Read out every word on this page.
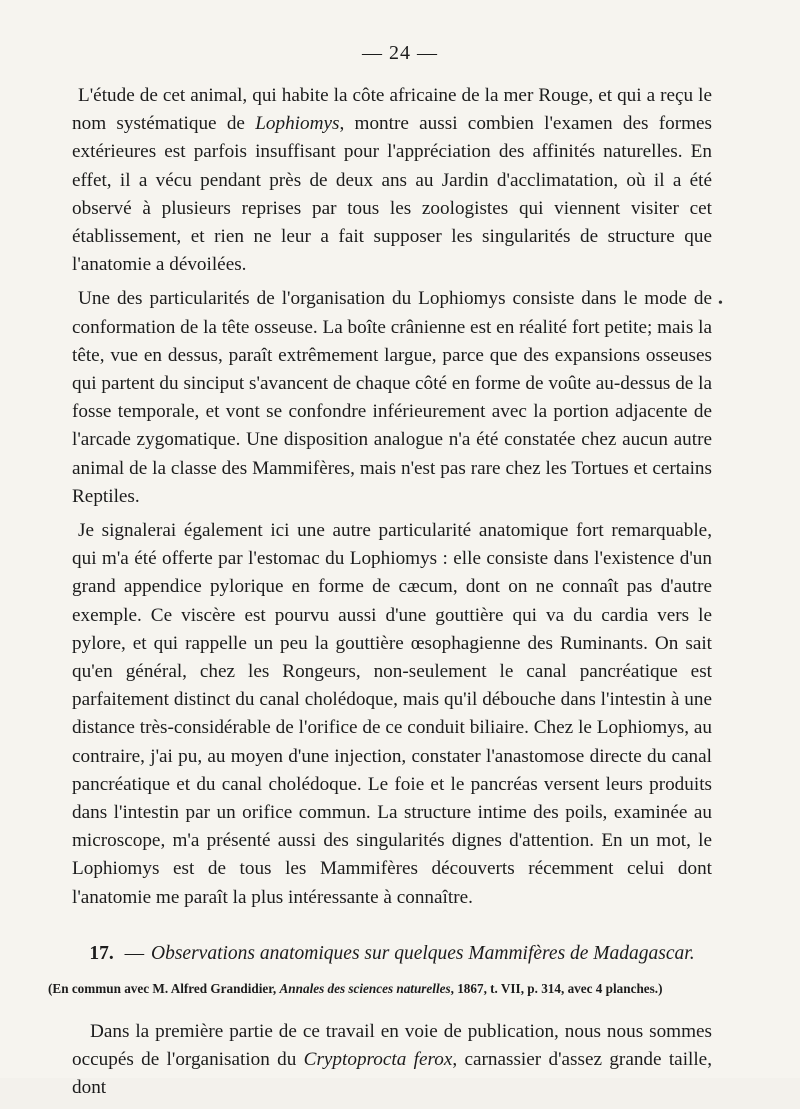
— 24 —
•

L'étude de cet animal, qui habite la côte africaine de la mer Rouge, et qui a reçu le nom systématique de Lophiomys, montre aussi combien l'examen des formes extérieures est parfois insuffisant pour l'appréciation des affinités naturelles. En effet, il a vécu pendant près de deux ans au Jardin d'acclimatation, où il a été observé à plusieurs reprises par tous les zoologistes qui viennent visiter cet établissement, et rien ne leur a fait supposer les singularités de structure que l'anatomie a dévoilées.

Une des particularités de l'organisation du Lophiomys consiste dans le mode de conformation de la tête osseuse. La boîte crânienne est en réalité fort petite; mais la tête, vue en dessus, paraît extrêmement largue, parce que des expansions osseuses qui partent du sinciput s'avancent de chaque côté en forme de voûte au-dessus de la fosse temporale, et vont se confondre inférieurement avec la portion adjacente de l'arcade zygomatique. Une disposition analogue n'a été constatée chez aucun autre animal de la classe des Mammifères, mais n'est pas rare chez les Tortues et certains Reptiles.

Je signalerai également ici une autre particularité anatomique fort remarquable, qui m'a été offerte par l'estomac du Lophiomys : elle consiste dans l'existence d'un grand appendice pylorique en forme de cæcum, dont on ne connaît pas d'autre exemple. Ce viscère est pourvu aussi d'une gouttière qui va du cardia vers le pylore, et qui rappelle un peu la gouttière œsophagienne des Ruminants. On sait qu'en général, chez les Rongeurs, non-seulement le canal pancréatique est parfaitement distinct du canal cholédoque, mais qu'il débouche dans l'intestin à une distance très-considérable de l'orifice de ce conduit biliaire. Chez le Lophiomys, au contraire, j'ai pu, au moyen d'une injection, constater l'anastomose directe du canal pancréatique et du canal cholédoque. Le foie et le pancréas versent leurs produits dans l'intestin par un orifice commun. La structure intime des poils, examinée au microscope, m'a présenté aussi des singularités dignes d'attention. En un mot, le Lophiomys est de tous les Mammifères découverts récemment celui dont l'anatomie me paraît la plus intéressante à connaître.

17. — Observations anatomiques sur quelques Mammifères de Madagascar.
(En commun avec M. Alfred Grandidier, Annales des sciences naturelles, 1867, t. VII, p. 314, avec 4 planches.)

Dans la première partie de ce travail en voie de publication, nous nous sommes occupés de l'organisation du Cryptoprocta ferox, carnassier d'assez grande taille, dont
